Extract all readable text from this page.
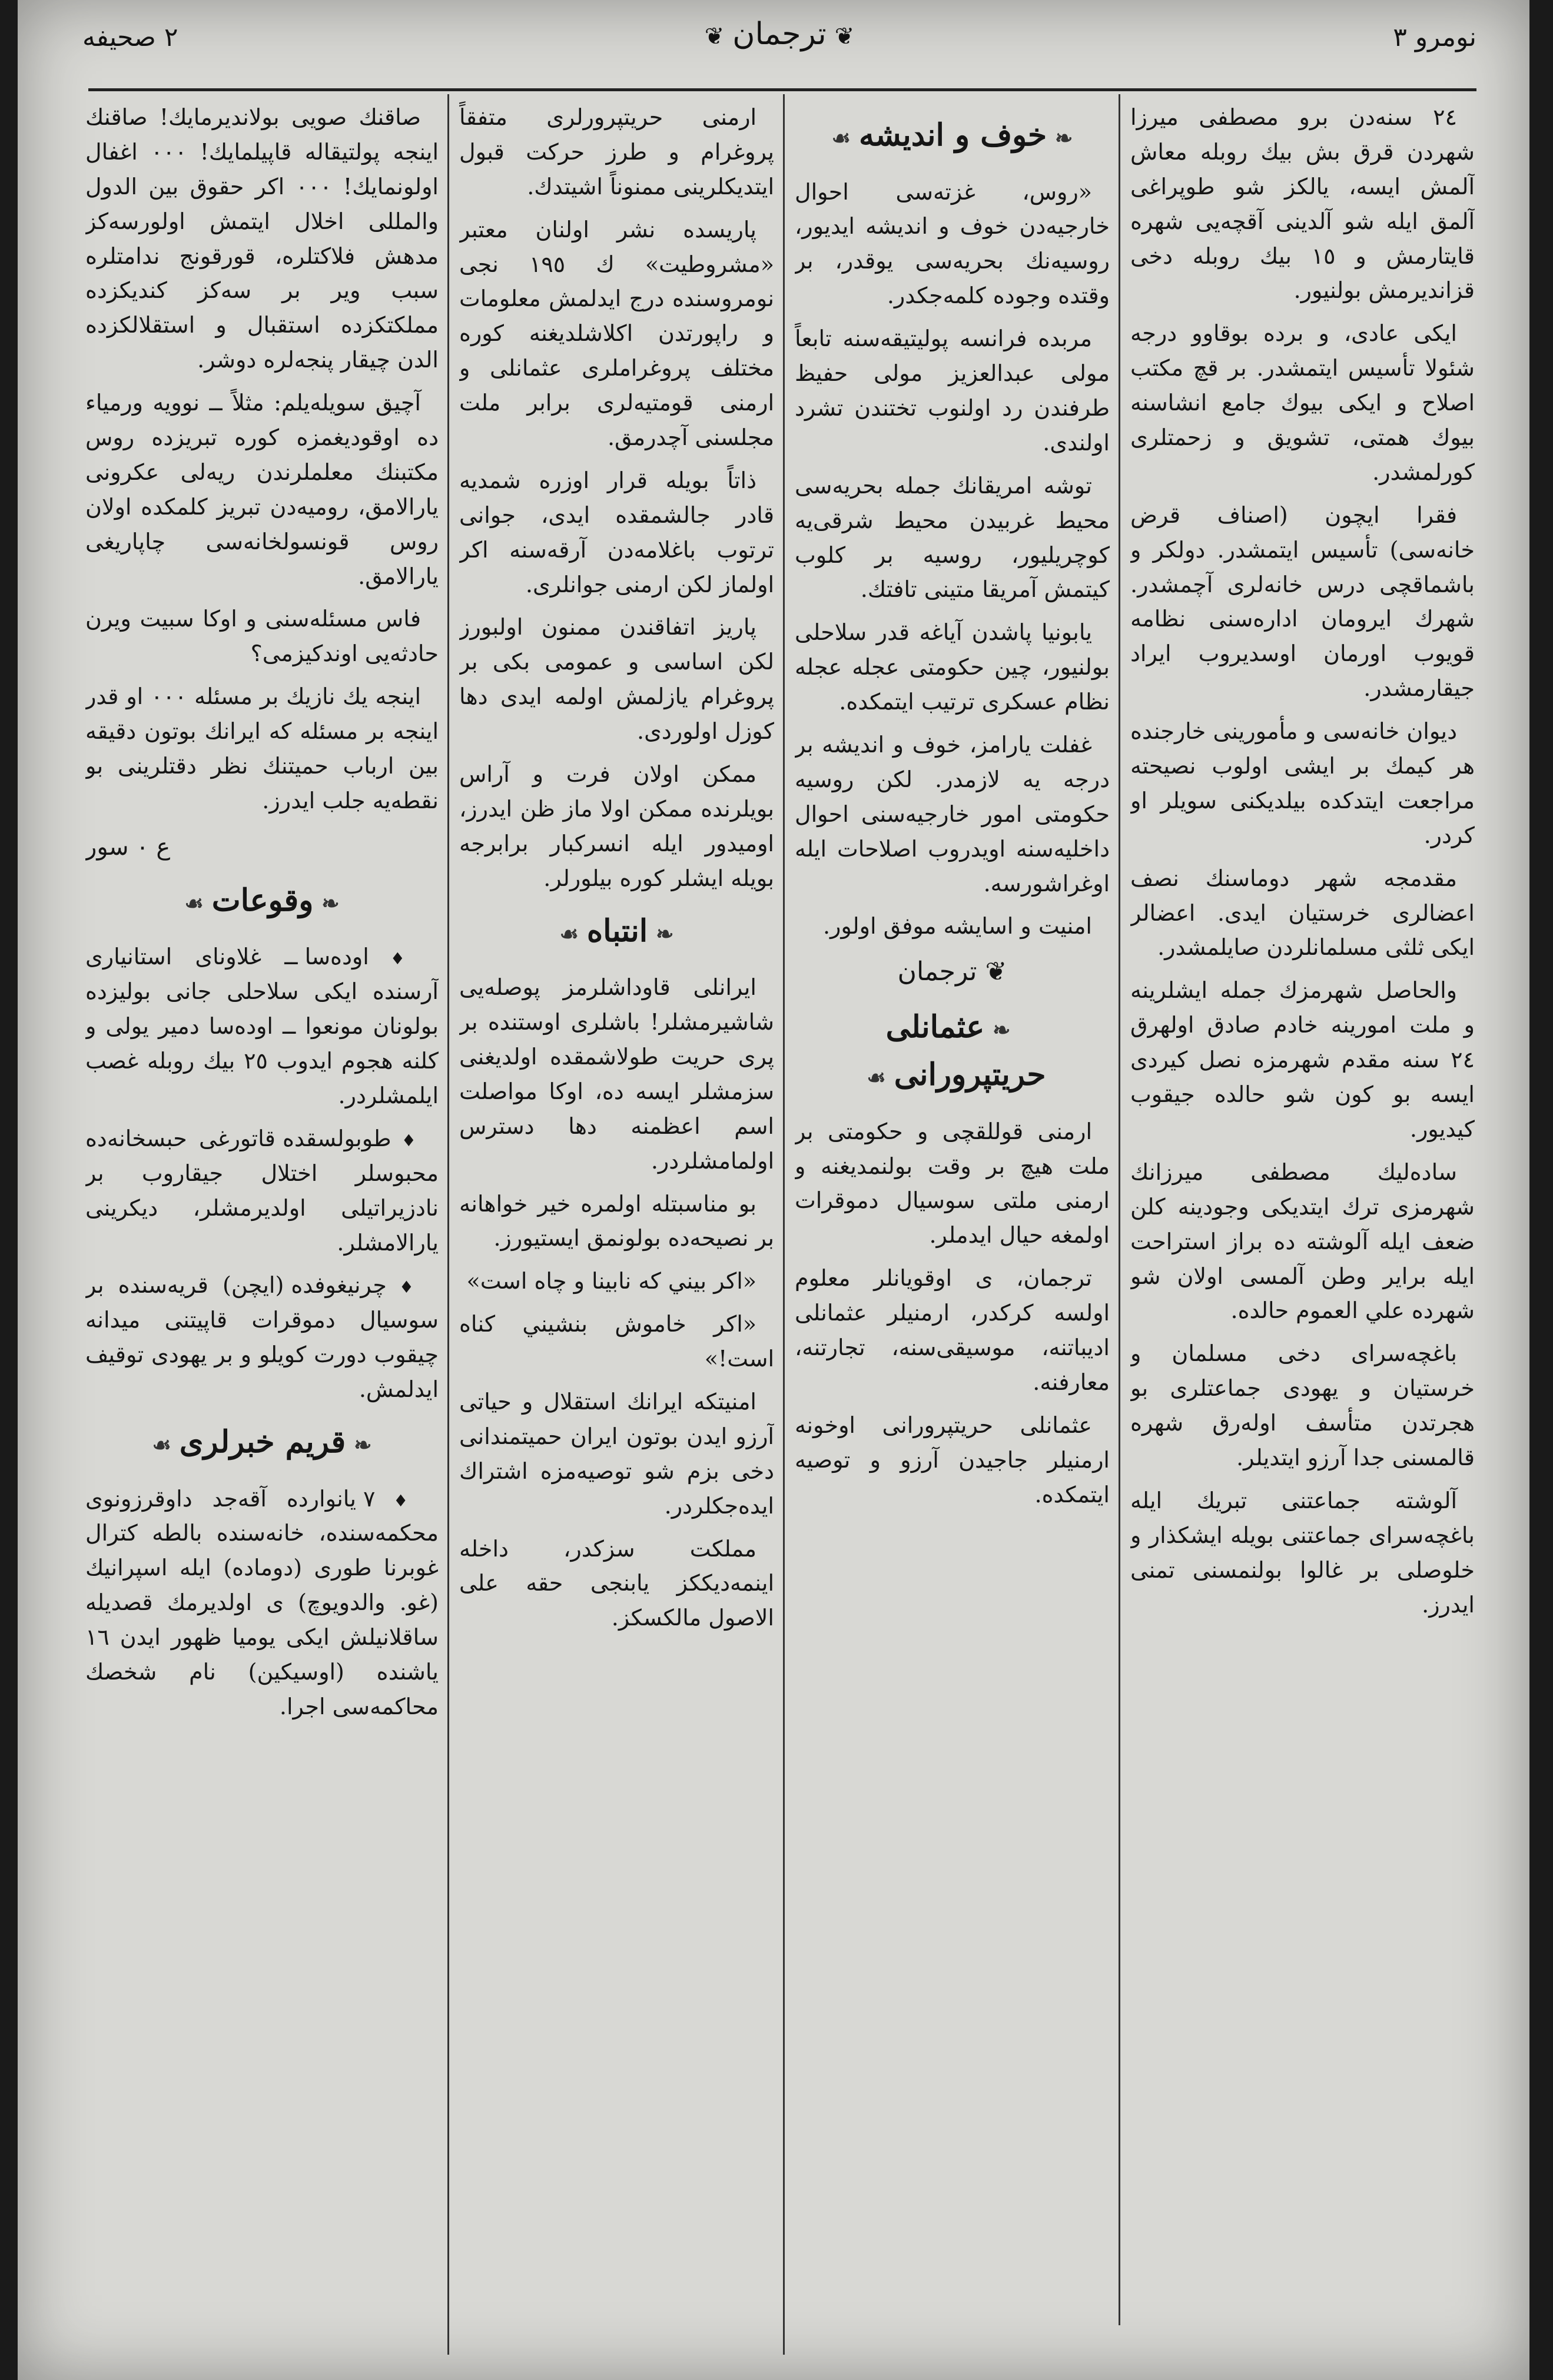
نومرو ٣
❦ترجمان❦
٢ صحيفه

٢٤ سنه‌دن برو مصطفى ميرزا شهردن قرق بش بيك روبله معاش آلمش ايسه، يالكز شو طوپراغى آلمق ايله شو آلدينى آقچه‌يى شهره قايتارمش و ١٥ بيك روبله دخى قزانديرمش بولنيور.

ايكى عادى، و برده بوقاوو درجه شئولا تأسيس ايتمشدر. بر قچ مكتب اصلاح و ايكى بيوك جامع انشاسنه بيوك همتى، تشويق و زحمتلرى كورلمشدر.

فقرا ايچون (اصناف قرض خانه‌سى) تأسيس ايتمشدر. دولكر و باشماقچى درس خانه‌لرى آچمشدر. شهرك ايرومان اداره‌سنى نظامه قويوب اورمان اوسديروب ايراد جيقارمشدر.

ديوان خانه‌سى و مأمورينى خارجنده هر كيمك بر ايشى اولوب نصيحته مراجعت ايتدكده بيلديكنى سويلر او كردر.

مقدمجه شهر دوماسنك نصف اعضالرى خرستيان ايدى. اعضالر ايكى ثلثى مسلمانلردن صايلمشدر.

والحاصل شهرمزك جمله ايشلرينه و ملت امورينه خادم صادق اولهرق ٢٤ سنه مقدم شهرمزه نصل كيردى ايسه بو كون شو حالده جيقوب كيديور.

ساده‌ليك مصطفى ميرزانك شهرمزى ترك ايتديكى وجودينه كلن ضعف ايله آلوشته ده براز استراحت ايله براير وطن آلمسى اولان شو شهرده علي العموم حالده.

باغچه‌سراى دخى مسلمان و خرستيان و يهودى جماعتلرى بو هجرتدن متأسف اوله‌رق شهره قالمسنى جدا آرزو ايتديلر.

آلوشته جماعتنى تبريك ايله باغچه‌سراى جماعتنى بويله ايشكذار و خلوصلى بر غالوا بولنمسنى تمنى ايدرز.

❧خوف و انديشه☙

«روس، غزته‌سى احوال خارجيه‌دن خوف و انديشه ايديور، روسيه‌نك بحريه‌سى يوقدر، بر وقتده وجوده كلمه‌جكدر.

مربده فرانسه پوليتيقه‌سنه تابعاً مولى عبدالعزيز مولى حفيظ طرفندن رد اولنوب تختندن تشرد اولندى.

توشه امريقانك جمله بحريه‌سى محيط غربيدن محيط شرقى‌يه كوچريليور، روسيه بر كلوب كيتمش آمريقا متينى تافتك.

يابونيا پاشدن آياغه قدر سلاحلى بولنيور، چين حكومتى عجله عجله نظام عسكرى ترتيب ايتمكده.

غفلت يارامز، خوف و انديشه بر درجه يه لازمدر. لكن روسيه حكومتى امور خارجيه‌سنى احوال داخليه‌سنه اويدروب اصلاحات ايله اوغراشورسه.

امنيت و اسايشه موفق اولور.

❦ ترجمان
❧عثمانلى حريتپرورانى☙

ارمنى قوللقچى و حكومتى بر ملت هيچ بر وقت بولنمديغنه و ارمنى ملتى سوسيال دموقرات اولمغه حيال ايدملر.

ترجمان، ى اوقويانلر معلوم اولسه كركدر، ارمنيلر عثمانلى اديباتنه، موسيقى‌سنه، تجارتنه، معارفنه.

عثمانلى حريتپرورانى اوخونه ارمنيلر جاجيدن آرزو و توصيه ايتمكده.

ارمنى حريتپرورلرى متفقاً پروغرام و طرز حركت قبول ايتديكلرينى ممنوناً اشيتدك.

پاريسده نشر اولنان معتبر «مشروطيت» ك ١٩٥ نجى نومروسنده درج ايدلمش معلومات و راپورتدن اكلاشلديغنه كوره مختلف پروغراملرى عثمانلى و ارمنى قومتيه‌لرى برابر ملت مجلسنى آچدرمق.

ذاتاً بويله قرار اوزره شمديه قادر جالشمقده ايدى، جوانى ترتوب باغلامه‌دن آرقه‌سنه اكر اولماز لكن ارمنى جوانلرى.

پاريز اتفاقندن ممنون اولبورز لكن اساسى و عمومى بكى بر پروغرام يازلمش اولمه ايدى دها كوزل اولوردى.

ممكن اولان فرت و آراس بويلرنده ممكن اولا ماز ظن ايدرز، اوميدور ايله انسركبار برابرجه بويله ايشلر كوره بيلورلر.

❧انتباه☙

ايرانلى قاوداشلرمز پوصله‌يى شاشيرمشلر! باشلرى اوستنده بر پرى حريت طولاشمقده اولديغنى سزمشلر ايسه ده، اوكا مواصلت اسم اعظمنه دها دسترس اولمامشلردر.

بو مناسبتله اولمره خير خواهانه بر نصيحه‌ده بولونمق ايستيورز.

«اكر بيني كه نابينا و چاه است»

«اكر خاموش بنشيني كناه است!»

امنيتكه ايرانك استقلال و حياتى آرزو ايدن بوتون ايران حميتمندانى دخى بزم شو توصيه‌مزه اشتراك ايده‌جكلردر.

مملكت سزكدر، داخله اينمه‌ديككز يابنجى حقه على الاصول مالكسكز.

صاقنك صويى بولانديرمايك! صاقنك اينجه پولتيقاله قاپيلمايك! ٠٠٠ اغفال اولونمايك! ٠٠٠ اكر حقوق بين الدول والمللى اخلال ايتمش اولورسه‌كز مدهش فلاكتلره، قورقونج ندامتلره سبب وير بر سه‌كز كنديكزده مملكتكزده استقبال و استقلالكزده الدن چيقار پنجه‌لره دوشر.

آچيق سويله‌يلم: مثلاً ــ نوويه ورمياء ده اوقوديغمزه كوره تبريزده روس مكتبنك معلملرندن ريه‌لى عكرونى يارالامق، روميه‌دن تبريز كلمكده اولان روس قونسولخانه‌سى چاپاريغى يارالامق.

فاس مسئله‌سنى و اوكا سبيت ويرن حادثه‌يى اوندكيزمى؟

اينجه يك نازيك بر مسئله ٠٠٠ او قدر اينجه بر مسئله كه ايرانك بوتون دقيقه بين ارباب حميتنك نظر دقتلرينى بو نقطه‌يه جلب ايدرز.

ع ٠ سور
❧وقوعات☙

♦ اوده‌سا ــ غلاوناى استانيارى آرسنده ايكى سلاحلى جانى بوليزده بولونان مونعوا ــ اوده‌سا دمير يولى و كلنه هجوم ايدوب ٢٥ بيك روبله غصب ايلمشلردر.

♦ طوبولسقده قاتورغى حبسخانه‌ده محبوسلر اختلال جيقاروب بر نادزيراتيلى اولديرمشلر، ديكرينى يارالامشلر.

♦ چرنيغوفده (ايچن) قريه‌سنده بر سوسيال دموقرات قاپيتنى ميدانه چيقوب دورت كويلو و بر يهودى توقيف ايدلمش.

❧قريم خبرلرى☙

♦ ٧ يانوارده آقه‌جد داوقرزونوى محكمه‌سنده، خانه‌سنده بالطه كترال غوبرنا طورى (دوماده) ايله اسپرانيك (غو. والدويوچ) ى اولديرمك قصديله ساقلانيلش ايكى يوميا ظهور ايدن ١٦ ياشنده (اوسيكين) نام شخصك محاكمه‌سى اجرا.
